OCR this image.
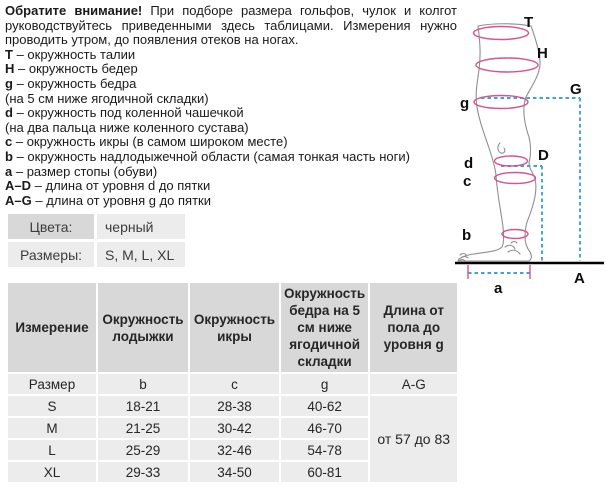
Обратите внимание! При подборе размера гольфов, чулок и колгот руководствуйтесь приведенными здесь таблицами. Измерения нужно проводить утром, до появления отеков на ногах.

Т – окружность талии
Н – окружность бедер
g – окружность бедра
(на 5 см ниже ягодичной складки)
d – окружность под коленной чашечкой
(на два пальца ниже коленного сустава)
c – окружность икры (в самом широком месте)
b – окружность надлодыжечной области (самая тонкая часть ноги)
a – размер стопы (обуви)
А–D – длина от уровня d до пятки
А–G – длина от уровня g до пятки
Цвета:	черный
Размеры:	S, M, L, XL
Измерение	Окружность лодыжки	Окружность икры	Окружность бедра на 5 см ниже ягодичной складки	Длина от пола до уровня g
Размер	b	c	g	A-G
S	18-21	28-38	40-62	от 57 до 83
M	21-25	30-42	46-70	
L	25-29	32-46	54-78	
XL	29-33	34-50	60-81	
T
H
G
g
D
d
c
b
a
A
